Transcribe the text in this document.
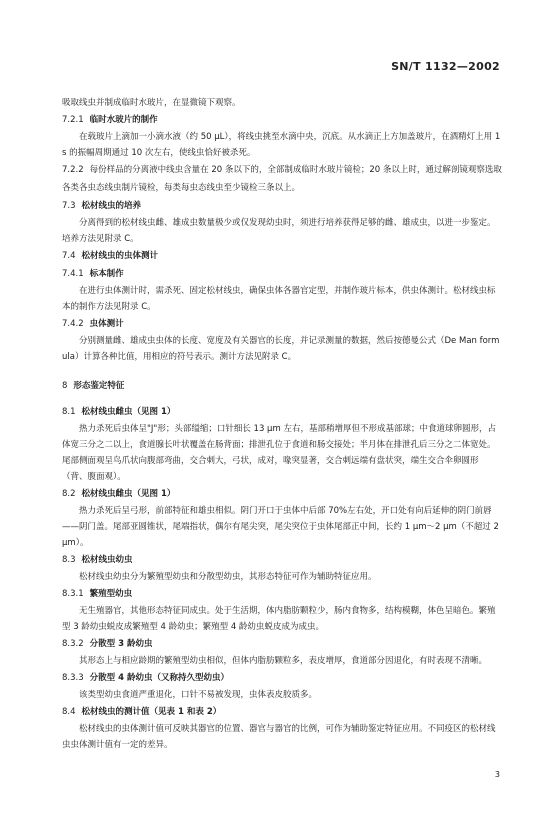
SN/T 1132—2002

吸取线虫并制成临时水玻片，在显微镜下观察。

7.2.1 临时水玻片的制作

在载玻片上滴加一小滴水液（约 50 μL），将线虫挑至水滴中央，沉底。从水滴正上方加盖玻片，在酒精灯上用 1 s 的振幅周期通过 10 次左右，使线虫恰好被杀死。

7.2.2 每份样品的分离液中线虫含量在 20 条以下的，全部制成临时水玻片镜检；20 条以上时，通过解剖镜观察选取各类各虫态线虫制片镜检，每类每虫态线虫至少镜检三条以上。

7.3 松材线虫的培养

分离得到的松材线虫雌、雄成虫数量极少或仅发现幼虫时，须进行培养获得足够的雌、雄成虫，以进一步鉴定。培养方法见附录 C。

7.4 松材线虫的虫体测计

7.4.1 标本制作

在进行虫体测计时，需杀死、固定松材线虫，确保虫体各器官定型，并制作玻片标本，供虫体测计。松材线虫标本的制作方法见附录 C。

7.4.2 虫体测计

分别测量雌、雄成虫虫体的长度、宽度及有关器官的长度，并记录测量的数据，然后按德曼公式（De Man formula）计算各种比值，用相应的符号表示。测计方法见附录 C。

8 形态鉴定特征

8.1 松材线虫雌虫（见图 1）

热力杀死后虫体呈"J"形；头部缢缩；口针细长 13 μm 左右，基部稍增厚但不形成基部球；中食道球卵圆形，占体宽三分之二以上，食道腺长叶状覆盖在肠背面；排泄孔位于食道和肠交接处；半月体在排泄孔后三分之二体宽处。尾部侧面观呈鸟爪状向腹部弯曲，交合刺大，弓状，成对，喙突显著，交合刺远端有盘状突，端生交合伞卵圆形（背、腹面观）。

8.2 松材线虫雌虫（见图 1）

热力杀死后呈弓形，前部特征和雄虫相似。阴门开口于虫体中后部 70%左右处，开口处有向后延伸的阴门前唇——阴门盖。尾部亚圆锥状，尾端指状，偶尔有尾尖突，尾尖突位于虫体尾部正中间，长约 1 μm～2 μm（不超过 2 μm）。

8.3 松材线虫幼虫

松材线虫幼虫分为繁殖型幼虫和分散型幼虫，其形态特征可作为辅助特征应用。

8.3.1 繁殖型幼虫

无生殖器官，其他形态特征同成虫。处于生活期，体内脂肪颗粒少，肠内食物多，结构模糊，体色呈暗色。繁殖型 3 龄幼虫蜕皮成繁殖型 4 龄幼虫；繁殖型 4 龄幼虫蜕皮成为成虫。

8.3.2 分散型 3 龄幼虫

其形态上与相应龄期的繁殖型幼虫相似，但体内脂肪颗粒多，表皮增厚，食道部分因退化，有时表现不清晰。

8.3.3 分散型 4 龄幼虫（又称持久型幼虫）

该类型幼虫食道严重退化，口针不易被发现，虫体表皮胶质多。

8.4 松材线虫的测计值（见表 1 和表 2）

松材线虫的虫体测计值可反映其器官的位置、器官与器官的比例，可作为辅助鉴定特征应用。不同疫区的松材线虫虫体测计值有一定的差异。

3
